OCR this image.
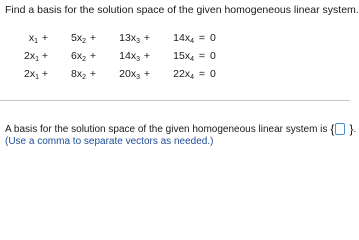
Find a basis for the solution space of the given homogeneous linear system.
$x_1$ +	$5x_2$ +	$13x_3$ +	$14x_4 = 0$
$2x_1$ +	$6x_2$ +	$14x_3$ +	$15x_4 = 0$
$2x_1$ +	$8x_2$ +	$20x_3$ +	$22x_4 = 0$
A basis for the solution space of the given homogeneous linear system is { } .
(Use a comma to separate vectors as needed.)
